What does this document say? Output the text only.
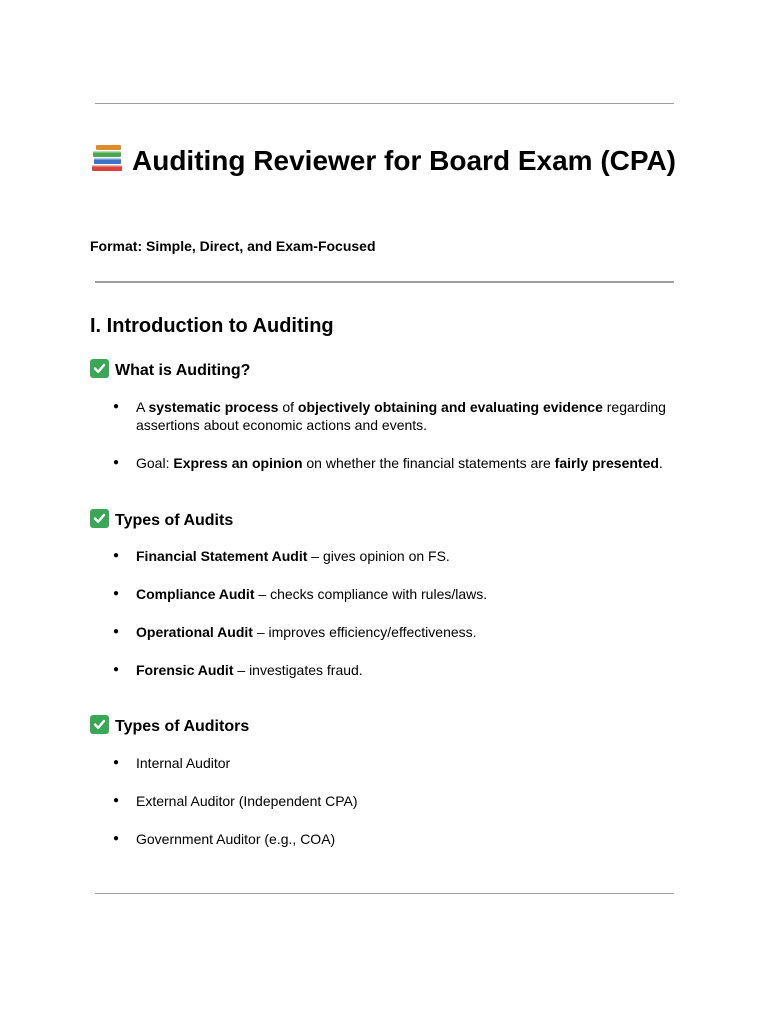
Auditing Reviewer for Board Exam (CPA)

Format: Simple, Direct, and Exam-Focused

I. Introduction to Auditing
What is Auditing?
● A systematic process of objectively obtaining and evaluating evidence regarding assertions about economic actions and events.
● Goal: Express an opinion on whether the financial statements are fairly presented.
Types of Audits
● Financial Statement Audit – gives opinion on FS.
● Compliance Audit – checks compliance with rules/laws.
● Operational Audit – improves efficiency/effectiveness.
● Forensic Audit – investigates fraud.
Types of Auditors
● Internal Auditor
● External Auditor (Independent CPA)
● Government Auditor (e.g., COA)
